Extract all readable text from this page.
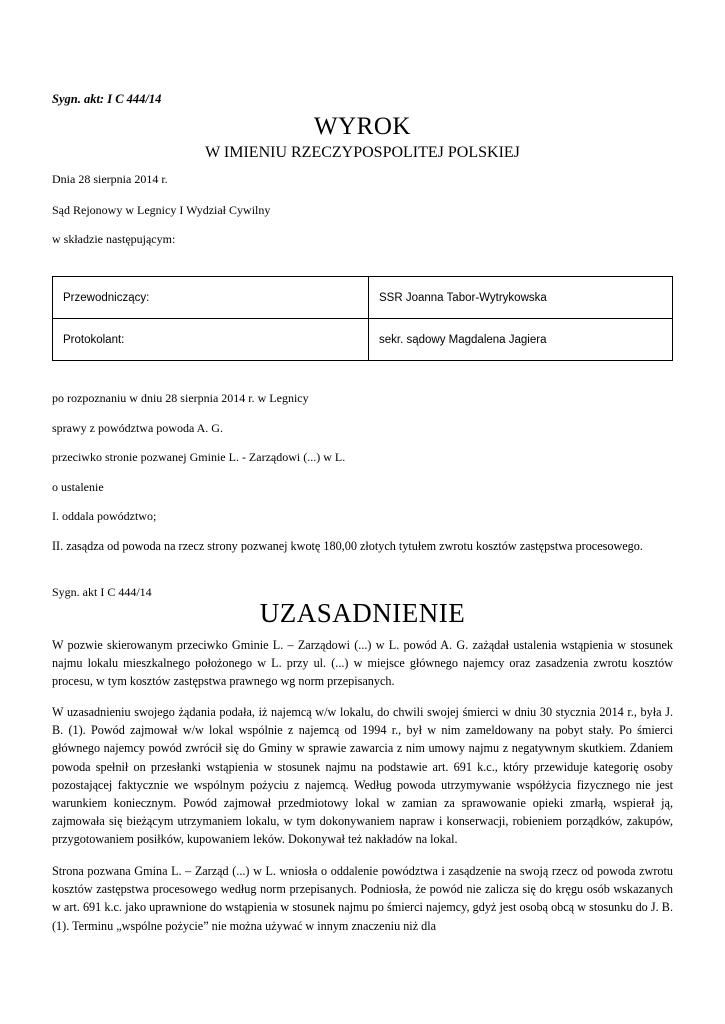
Sygn. akt: I C 444/14

WYROK

W IMIENIU RZECZYPOSPOLITEJ POLSKIEJ

Dnia 28 sierpnia 2014 r.

Sąd Rejonowy w Legnicy I Wydział Cywilny

w składzie następującym:

Przewodniczący:	SSR Joanna Tabor-Wytrykowska
Protokolant:	sekr. sądowy Magdalena Jagiera

po rozpoznaniu w dniu 28 sierpnia 2014 r. w Legnicy

sprawy z powództwa powoda A. G.

przeciwko stronie pozwanej Gminie L. - Zarządowi (...) w L.

o ustalenie

I. oddala powództwo;

II. zasądza od powoda na rzecz strony pozwanej kwotę 180,00 złotych tytułem zwrotu kosztów zastępstwa procesowego.

Sygn. akt I C 444/14

UZASADNIENIE

W pozwie skierowanym przeciwko Gminie L. – Zarządowi (...) w L. powód A. G. zażądał ustalenia wstąpienia w stosunek najmu lokalu mieszkalnego położonego w L. przy ul. (...) w miejsce głównego najemcy oraz zasadzenia zwrotu kosztów procesu, w tym kosztów zastępstwa prawnego wg norm przepisanych.

W uzasadnieniu swojego żądania podała, iż najemcą w/w lokalu, do chwili swojej śmierci w dniu 30 stycznia 2014 r., była J. B. (1). Powód zajmował w/w lokal wspólnie z najemcą od 1994 r., był w nim zameldowany na pobyt stały. Po śmierci głównego najemcy powód zwrócił się do Gminy w sprawie zawarcia z nim umowy najmu z negatywnym skutkiem. Zdaniem powoda spełnił on przesłanki wstąpienia w stosunek najmu na podstawie art. 691 k.c., który przewiduje kategorię osoby pozostającej faktycznie we wspólnym pożyciu z najemcą. Według powoda utrzymywanie współżycia fizycznego nie jest warunkiem koniecznym. Powód zajmował przedmiotowy lokal w zamian za sprawowanie opieki zmarłą, wspierał ją, zajmowała się bieżącym utrzymaniem lokalu, w tym dokonywaniem napraw i konserwacji, robieniem porządków, zakupów, przygotowaniem posiłków, kupowaniem leków. Dokonywał też nakładów na lokal.

Strona pozwana Gmina L. – Zarząd (...) w L. wniosła o oddalenie powództwa i zasądzenie na swoją rzecz od powoda zwrotu kosztów zastępstwa procesowego według norm przepisanych. Podniosła, że powód nie zalicza się do kręgu osób wskazanych w art. 691 k.c. jako uprawnione do wstąpienia w stosunek najmu po śmierci najemcy, gdyż jest osobą obcą w stosunku do J. B. (1). Terminu „wspólne pożycie” nie można używać w innym znaczeniu niż dla
